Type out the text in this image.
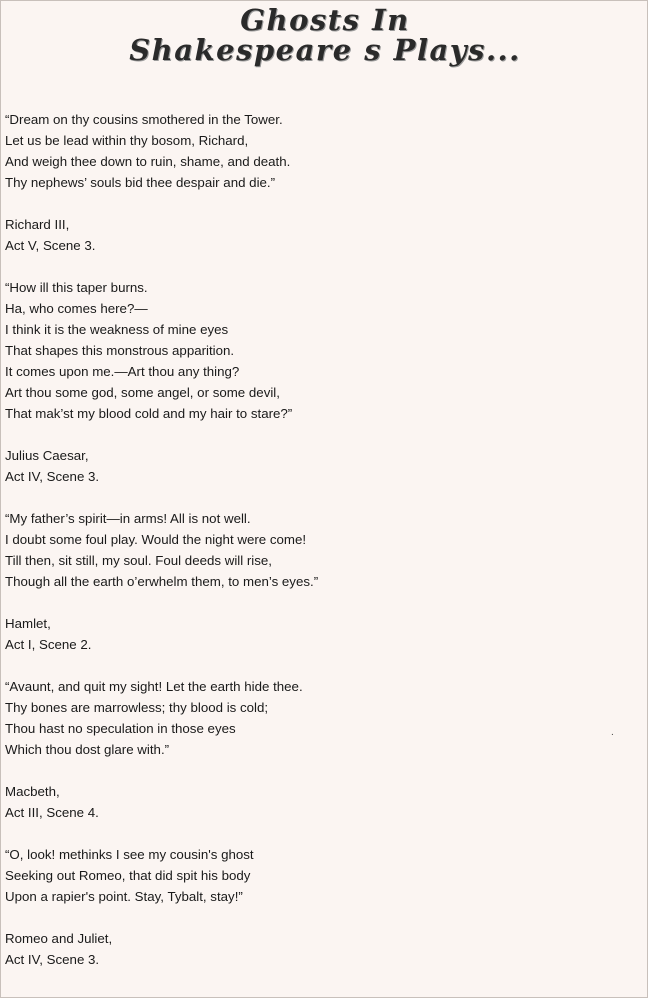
Ghosts In
Shakespeare s Plays...
“Dream on thy cousins smothered in the Tower.
Let us be lead within thy bosom, Richard,
And weigh thee down to ruin, shame, and death.
Thy nephews’ souls bid thee despair and die.”
Richard III,
Act V, Scene 3.
“How ill this taper burns.
Ha, who comes here?—
I think it is the weakness of mine eyes
That shapes this monstrous apparition.
It comes upon me.—Art thou any thing?
Art thou some god, some angel, or some devil,
That mak’st my blood cold and my hair to stare?”
Julius Caesar,
Act IV, Scene 3.
“My father’s spirit—in arms! All is not well.
I doubt some foul play. Would the night were come!
Till then, sit still, my soul. Foul deeds will rise,
Though all the earth o’erwhelm them, to men’s eyes.”
Hamlet,
Act I, Scene 2.
“Avaunt, and quit my sight! Let the earth hide thee.
Thy bones are marrowless; thy blood is cold;
Thou hast no speculation in those eyes
Which thou dost glare with.”
Macbeth,
Act III, Scene 4.
“O, look! methinks I see my cousin's ghost
Seeking out Romeo, that did spit his body
Upon a rapier's point. Stay, Tybalt, stay!”
Romeo and Juliet,
Act IV, Scene 3.
.
